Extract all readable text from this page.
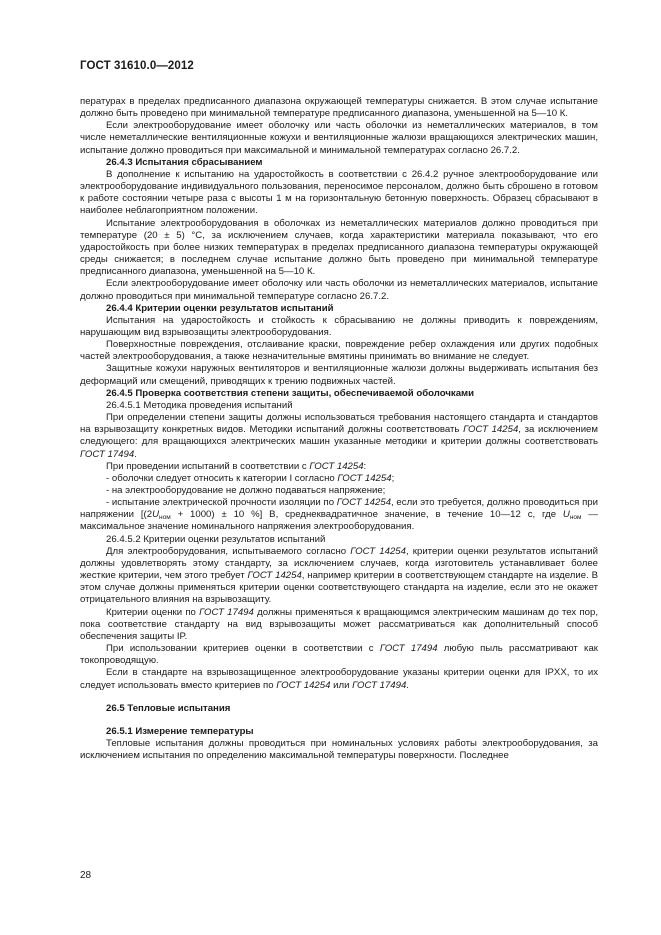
ГОСТ 31610.0—2012

пературах в пределах предписанного диапазона окружающей температуры снижается. В этом случае испытание должно быть проведено при минимальной температуре предписанного диапазона, уменьшенной на 5—10 К.

Если электрооборудование имеет оболочку или часть оболочки из неметаллических материалов, в том числе неметаллические вентиляционные кожухи и вентиляционные жалюзи вращающихся электрических машин, испытание должно проводиться при максимальной и минимальной температурах согласно 26.7.2.

26.4.3 Испытания сбрасыванием

В дополнение к испытанию на ударостойкость в соответствии с 26.4.2 ручное электрооборудование или электрооборудование индивидуального пользования, переносимое персоналом, должно быть сброшено в готовом к работе состоянии четыре раза с высоты 1 м на горизонтальную бетонную поверхность. Образец сбрасывают в наиболее неблагоприятном положении.

Испытание электрооборудования в оболочках из неметаллических материалов должно проводиться при температуре (20 ± 5) °С, за исключением случаев, когда характеристики материала показывают, что его ударостойкость при более низких температурах в пределах предписанного диапазона температуры окружающей среды снижается; в последнем случае испытание должно быть проведено при минимальной температуре предписанного диапазона, уменьшенной на 5—10 К.

Если электрооборудование имеет оболочку или часть оболочки из неметаллических материалов, испытание должно проводиться при минимальной температуре согласно 26.7.2.

26.4.4 Критерии оценки результатов испытаний

Испытания на ударостойкость и стойкость к сбрасыванию не должны приводить к повреждениям, нарушающим вид взрывозащиты электрооборудования.

Поверхностные повреждения, отслаивание краски, повреждение ребер охлаждения или других подобных частей электрооборудования, а также незначительные вмятины принимать во внимание не следует.

Защитные кожухи наружных вентиляторов и вентиляционные жалюзи должны выдерживать испытания без деформаций или смещений, приводящих к трению подвижных частей.

26.4.5 Проверка соответствия степени защиты, обеспечиваемой оболочками

26.4.5.1 Методика проведения испытаний

При определении степени защиты должны использоваться требования настоящего стандарта и стандартов на взрывозащиту конкретных видов. Методики испытаний должны соответствовать ГОСТ 14254, за исключением следующего: для вращающихся электрических машин указанные методики и критерии должны соответствовать ГОСТ 17494.

При проведении испытаний в соответствии с ГОСТ 14254:

- оболочки следует относить к категории I согласно ГОСТ 14254;

- на электрооборудование не должно подаваться напряжение;

- испытание электрической прочности изоляции по ГОСТ 14254, если это требуется, должно проводиться при напряжении [$(2U_{ном} + 1000) \pm 10$ %] В, среднеквадратичное значение, в течение 10—12 с, где $U_{ном}$ — максимальное значение номинального напряжения электрооборудования.

26.4.5.2 Критерии оценки результатов испытаний

Для электрооборудования, испытываемого согласно ГОСТ 14254, критерии оценки результатов испытаний должны удовлетворять этому стандарту, за исключением случаев, когда изготовитель устанавливает более жесткие критерии, чем этого требует ГОСТ 14254, например критерии в соответствующем стандарте на изделие. В этом случае должны применяться критерии оценки соответствующего стандарта на изделие, если это не окажет отрицательного влияния на взрывозащиту.

Критерии оценки по ГОСТ 17494 должны применяться к вращающимся электрическим машинам до тех пор, пока соответствие стандарту на вид взрывозащиты может рассматриваться как дополнительный способ обеспечения защиты IP.

При использовании критериев оценки в соответствии с ГОСТ 17494 любую пыль рассматривают как токопроводящую.

Если в стандарте на взрывозащищенное электрооборудование указаны критерии оценки для IPXX, то их следует использовать вместо критериев по ГОСТ 14254 или ГОСТ 17494.

26.5 Тепловые испытания

26.5.1 Измерение температуры

Тепловые испытания должны проводиться при номинальных условиях работы электрооборудования, за исключением испытания по определению максимальной температуры поверхности. Последнее

28
